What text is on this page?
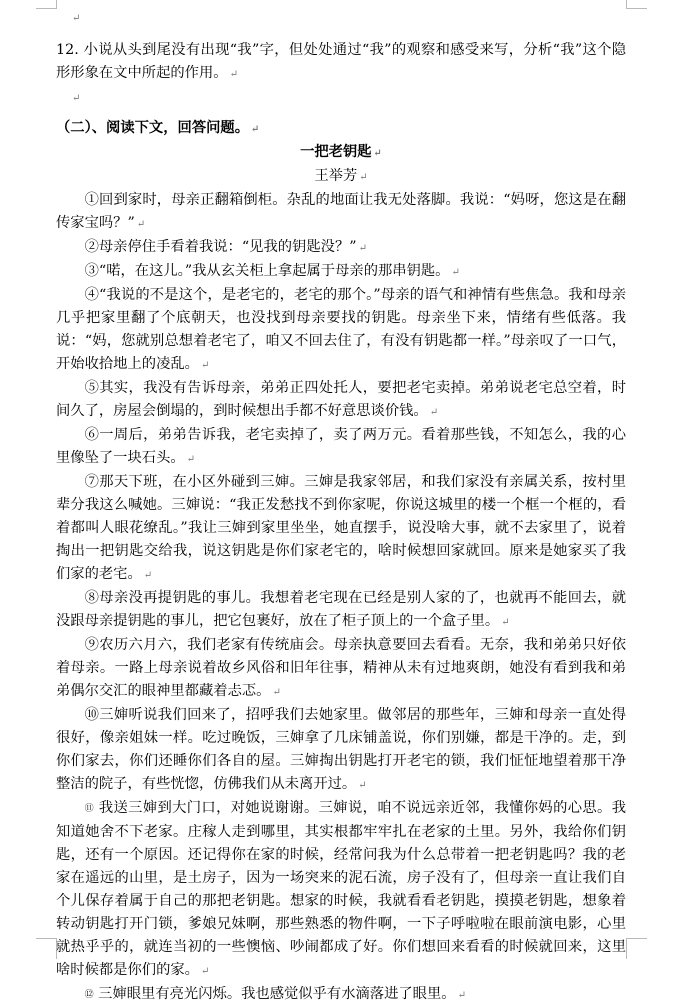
↵

12. 小说从头到尾没有出现“我”字，但处处通过“我”的观察和感受来写，分析“我”这个隐形形象在文中所起的作用。 ↵

↵

（二）、阅读下文，回答问题。 ↵

一把老钥匙 ↵

王举芳 ↵

①回到家时，母亲正翻箱倒柜。杂乱的地面让我无处落脚。我说：“妈呀，您这是在翻传家宝吗？” ↵

②母亲停住手看着我说：“见我的钥匙没？” ↵

③“喏，在这儿。”我从玄关柜上拿起属于母亲的那串钥匙。 ↵

④“我说的不是这个，是老宅的，老宅的那个。”母亲的语气和神情有些焦急。我和母亲几乎把家里翻了个底朝天，也没找到母亲要找的钥匙。母亲坐下来，情绪有些低落。我说：“妈，您就别总想着老宅了，咱又不回去住了，有没有钥匙都一样。”母亲叹了一口气，开始收拾地上的凌乱。 ↵

⑤其实，我没有告诉母亲，弟弟正四处托人，要把老宅卖掉。弟弟说老宅总空着，时间久了，房屋会倒塌的，到时候想出手都不好意思谈价钱。 ↵

⑥一周后，弟弟告诉我，老宅卖掉了，卖了两万元。看着那些钱，不知怎么，我的心里像坠了一块石头。 ↵

⑦那天下班，在小区外碰到三婶。三婶是我家邻居，和我们家没有亲属关系，按村里辈分我这么喊她。三婶说：“我正发愁找不到你家呢，你说这城里的楼一个框一个框的，看着都叫人眼花缭乱。”我让三婶到家里坐坐，她直摆手，说没啥大事，就不去家里了，说着掏出一把钥匙交给我，说这钥匙是你们家老宅的，啥时候想回家就回。原来是她家买了我们家的老宅。 ↵

⑧母亲没再提钥匙的事儿。我想着老宅现在已经是别人家的了，也就再不能回去，就没跟母亲提钥匙的事儿，把它包裹好，放在了柜子顶上的一个盒子里。 ↵

⑨农历六月六，我们老家有传统庙会。母亲执意要回去看看。无奈，我和弟弟只好依着母亲。一路上母亲说着故乡风俗和旧年往事，精神从未有过地爽朗，她没有看到我和弟弟偶尔交汇的眼神里都藏着忐忑。 ↵

⑩三婶听说我们回来了，招呼我们去她家里。做邻居的那些年，三婶和母亲一直处得很好，像亲姐妹一样。吃过晚饭，三婶拿了几床铺盖说，你们别嫌，都是干净的。走，到你们家去，你们还睡你们各自的屋。三婶掏出钥匙打开老宅的锁，我们怔怔地望着那干净整洁的院子，有些恍惚，仿佛我们从未离开过。 ↵

⑪ 我送三婶到大门口，对她说谢谢。三婶说，咱不说远亲近邻，我懂你妈的心思。我知道她舍不下老家。庄稼人走到哪里，其实根都牢牢扎在老家的土里。另外，我给你们钥匙，还有一个原因。还记得你在家的时候，经常问我为什么总带着一把老钥匙吗？我的老家在遥远的山里，是土房子，因为一场突来的泥石流，房子没有了，但母亲一直让我们自个儿保存着属于自己的那把老钥匙。想家的时候，我就看看老钥匙，摸摸老钥匙，想象着转动钥匙打开门锁，爹娘兄妹啊，那些熟悉的物件啊，一下子呼啦啦在眼前演电影，心里就热乎乎的，就连当初的一些懊恼、吵闹都成了好。你们想回来看看的时候就回来，这里啥时候都是你们的家。 ↵

⑫ 三婶眼里有亮光闪烁。我也感觉似乎有水滴落进了眼里。 ↵
